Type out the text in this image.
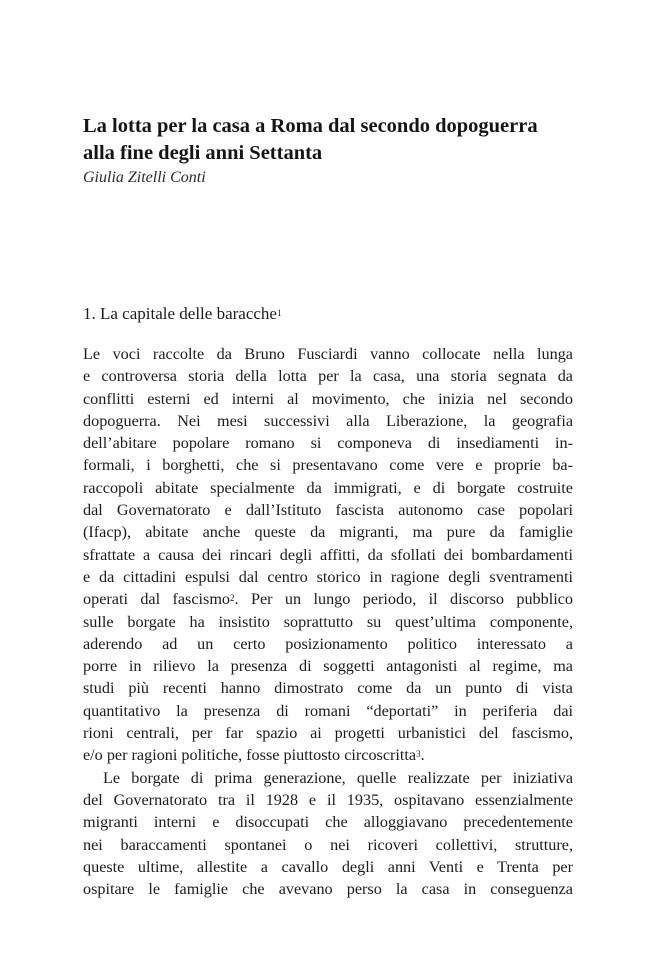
La lotta per la casa a Roma dal secondo dopoguerra
alla fine degli anni Settanta
Giulia Zitelli Conti
1. La capitale delle baracche$^1$
Le voci raccolte da Bruno Fusciardi vanno collocate nella lunga
e controversa storia della lotta per la casa, una storia segnata da
conflitti esterni ed interni al movimento, che inizia nel secondo
dopoguerra. Nei mesi successivi alla Liberazione, la geografia
dell’abitare popolare romano si componeva di insediamenti in-
formali, i borghetti, che si presentavano come vere e proprie ba-
raccopoli abitate specialmente da immigrati, e di borgate costruite
dal Governatorato e dall’Istituto fascista autonomo case popolari
(Ifacp), abitate anche queste da migranti, ma pure da famiglie
sfrattate a causa dei rincari degli affitti, da sfollati dei bombardamenti
e da cittadini espulsi dal centro storico in ragione degli sventramenti
operati dal fascismo$^2$. Per un lungo periodo, il discorso pubblico
sulle borgate ha insistito soprattutto su quest’ultima componente,
aderendo ad un certo posizionamento politico interessato a
porre in rilievo la presenza di soggetti antagonisti al regime, ma
studi più recenti hanno dimostrato come da un punto di vista
quantitativo la presenza di romani “deportati” in periferia dai
rioni centrali, per far spazio ai progetti urbanistici del fascismo,
e/o per ragioni politiche, fosse piuttosto circoscritta$^3$.
Le borgate di prima generazione, quelle realizzate per iniziativa
del Governatorato tra il 1928 e il 1935, ospitavano essenzialmente
migranti interni e disoccupati che alloggiavano precedentemente
nei baraccamenti spontanei o nei ricoveri collettivi, strutture,
queste ultime, allestite a cavallo degli anni Venti e Trenta per
ospitare le famiglie che avevano perso la casa in conseguenza
